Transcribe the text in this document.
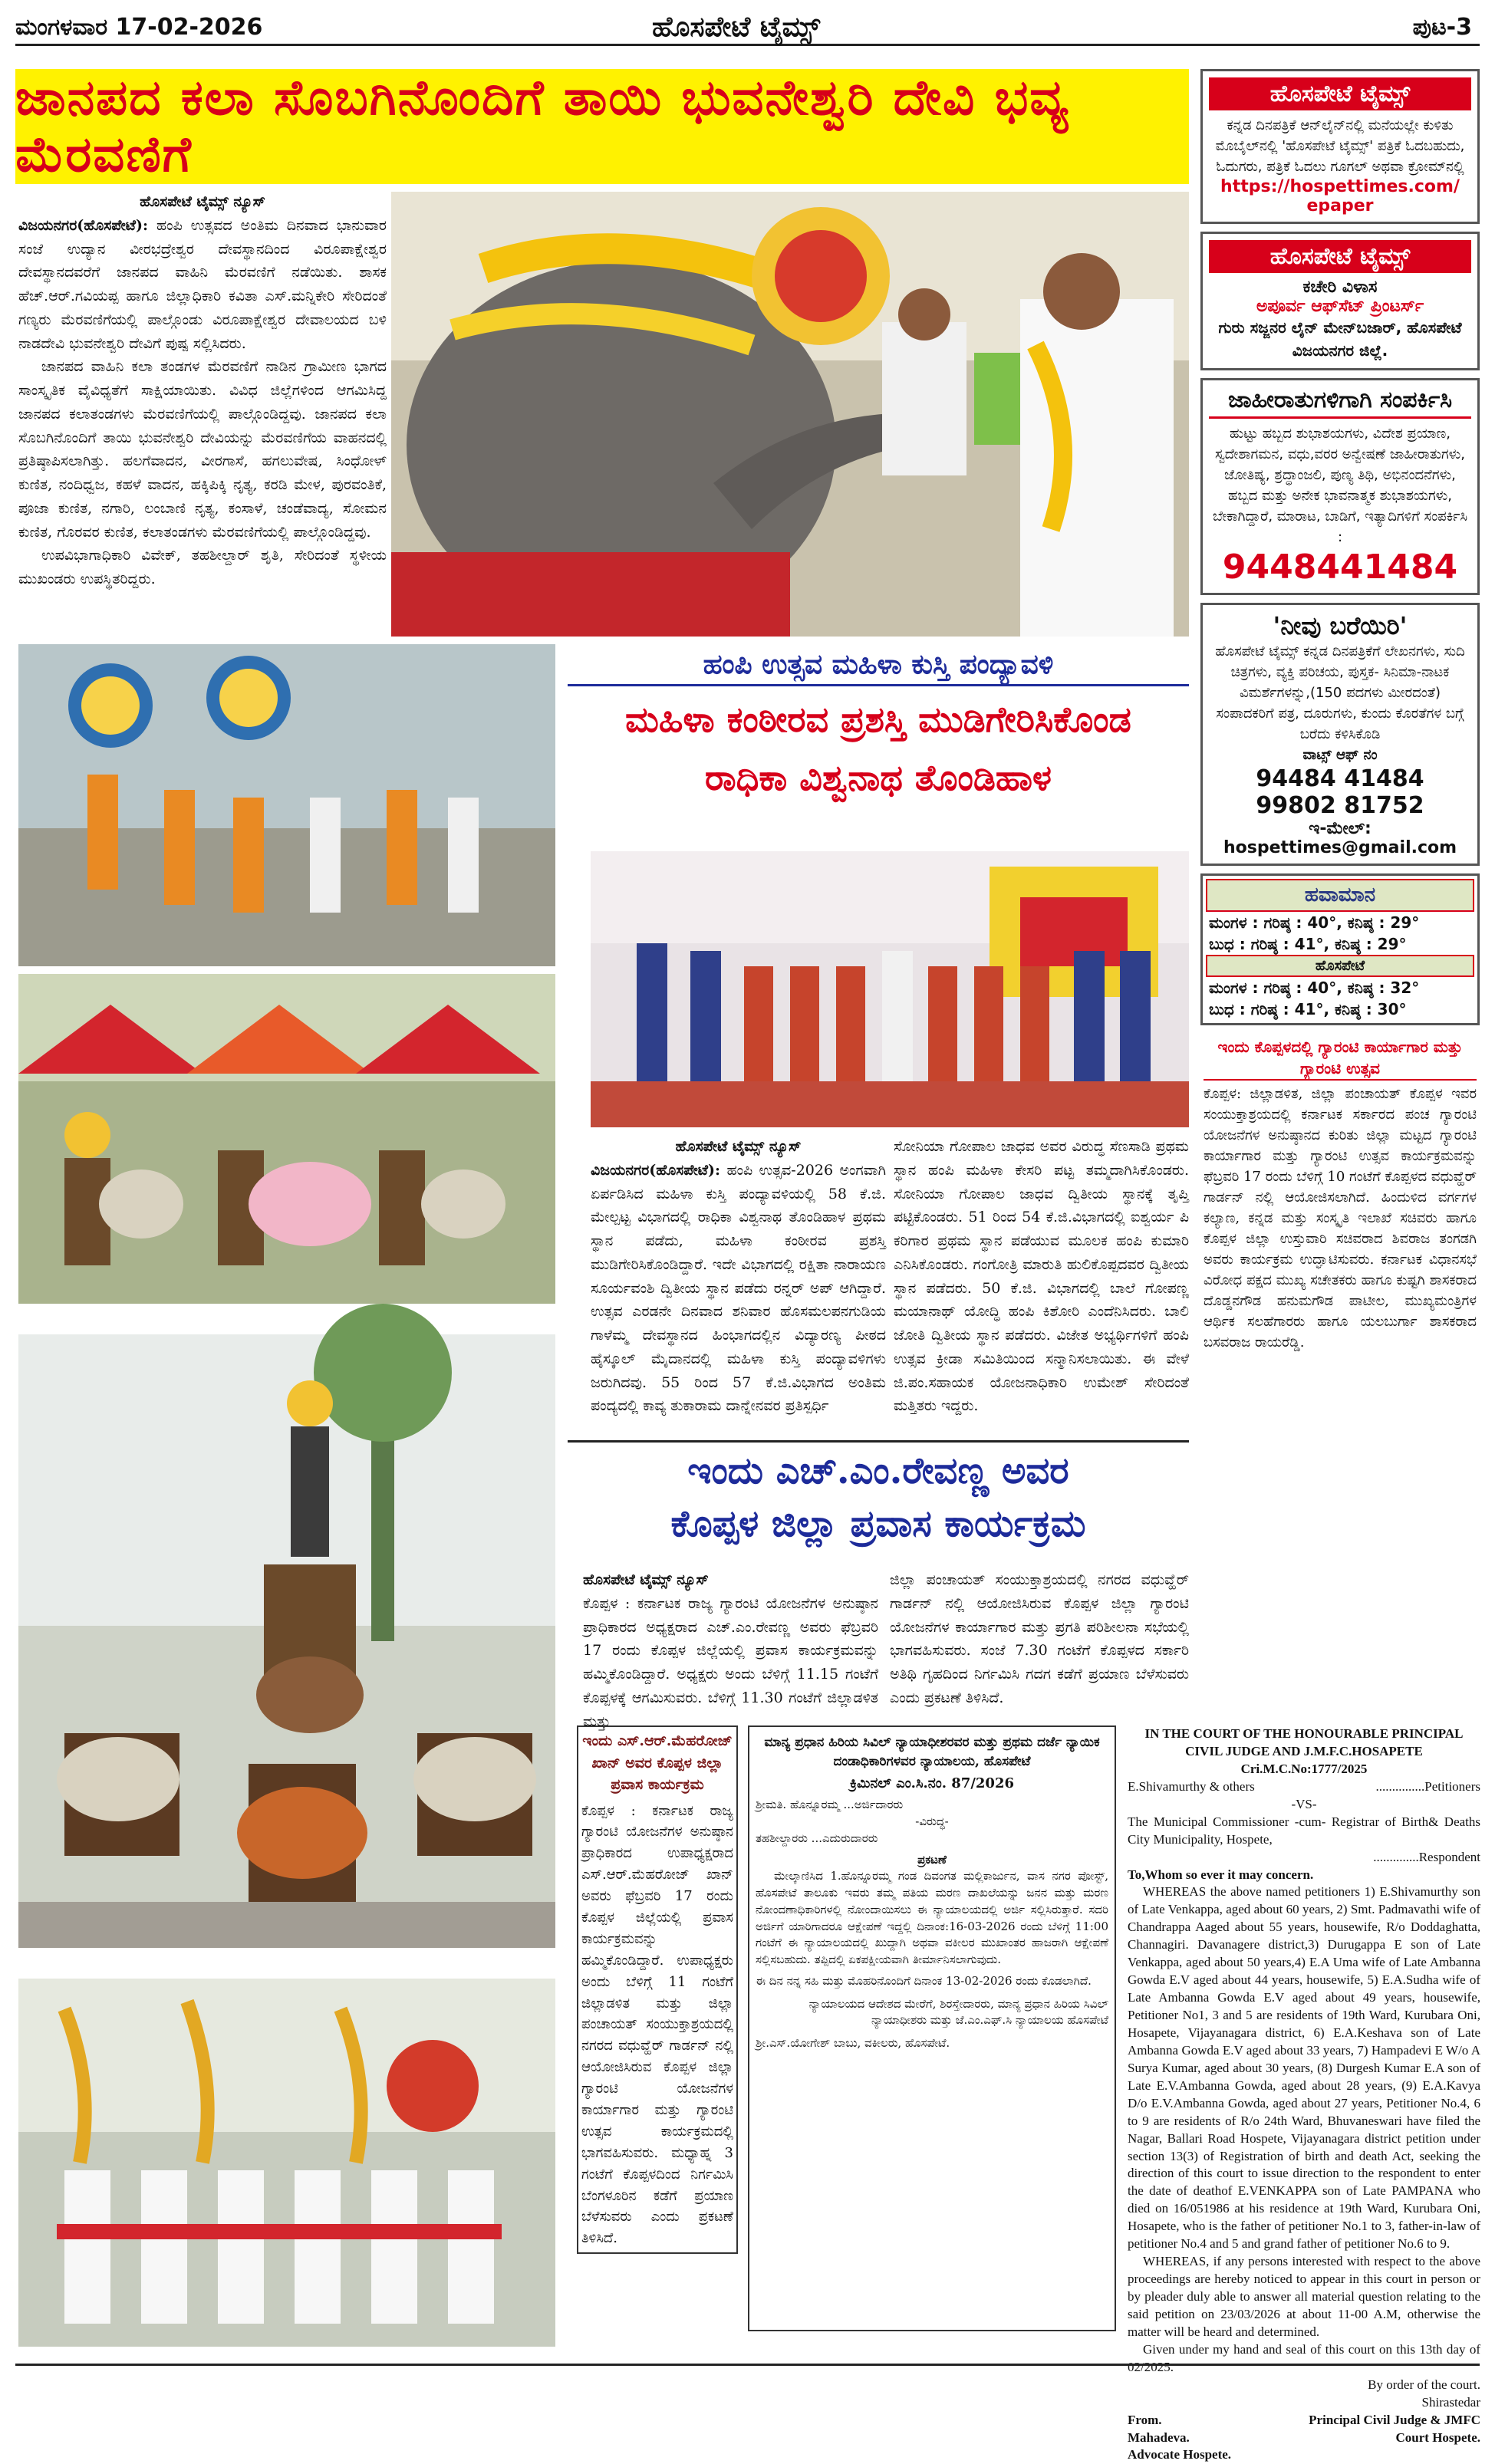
ಮಂಗಳವಾರ 17-02-2026	ಹೊಸಪೇಟೆ ಟೈಮ್ಸ್	ಪುಟ-3
ಜಾನಪದ ಕಲಾ ಸೊಬಗಿನೊಂದಿಗೆ ತಾಯಿ ಭುವನೇಶ್ವರಿ ದೇವಿ ಭವ್ಯ ಮೆರವಣಿಗೆ
ಹೊಸಪೇಟೆ ಟೈಮ್ಸ್ ನ್ಯೂಸ್

ವಿಜಯನಗರ(ಹೊಸಪೇಟೆ): ಹಂಪಿ ಉತ್ಸವದ ಅಂತಿಮ ದಿನವಾದ ಭಾನುವಾರ ಸಂಜೆ ಉದ್ಯಾನ ವೀರಭದ್ರೇಶ್ವರ ದೇವಸ್ಥಾನದಿಂದ ವಿರೂಪಾಕ್ಷೇಶ್ವರ ದೇವಸ್ಥಾನದವರೆಗೆ ಜಾನಪದ ವಾಹಿನಿ ಮೆರವಣಿಗೆ ನಡೆಯಿತು. ಶಾಸಕ ಹೆಚ್.ಆರ್.ಗವಿಯಪ್ಪ ಹಾಗೂ ಜಿಲ್ಲಾಧಿಕಾರಿ ಕವಿತಾ ಎಸ್.ಮನ್ನಿಕೇರಿ ಸೇರಿದಂತೆ ಗಣ್ಯರು ಮೆರವಣಿಗೆಯಲ್ಲಿ ಪಾಲ್ಗೊಂಡು ವಿರೂಪಾಕ್ಷೇಶ್ವರ ದೇವಾಲಯದ ಬಳಿ ನಾಡದೇವಿ ಭುವನೇಶ್ವರಿ ದೇವಿಗೆ ಪುಷ್ಪ ಸಲ್ಲಿಸಿದರು.

ಜಾನಪದ ವಾಹಿನಿ ಕಲಾ ತಂಡಗಳ ಮೆರವಣಿಗೆ ನಾಡಿನ ಗ್ರಾಮೀಣ ಭಾಗದ ಸಾಂಸ್ಕೃತಿಕ ವೈವಿಧ್ಯತೆಗೆ ಸಾಕ್ಷಿಯಾಯಿತು. ವಿವಿಧ ಜಿಲ್ಲೆಗಳಿಂದ ಆಗಮಿಸಿದ್ದ ಜಾನಪದ ಕಲಾತಂಡಗಳು ಮೆರವಣಿಗೆಯಲ್ಲಿ ಪಾಲ್ಗೊಂಡಿದ್ದವು. ಜಾನಪದ ಕಲಾ ಸೊಬಗಿನೊಂದಿಗೆ ತಾಯಿ ಭುವನೇಶ್ವರಿ ದೇವಿಯನ್ನು ಮೆರವಣಿಗೆಯ ವಾಹನದಲ್ಲಿ ಪ್ರತಿಷ್ಠಾಪಿಸಲಾಗಿತ್ತು. ಹಲಗೆವಾದನ, ವೀರಗಾಸೆ, ಹಗಲುವೇಷ, ಸಿಂಧೋಳ್ ಕುಣಿತ, ನಂದಿಧ್ವಜ, ಕಹಳೆ ವಾದನ, ಹಕ್ಕಿಪಿಕ್ಕಿ ನೃತ್ಯ, ಕರಡಿ ಮೇಳ, ಪುರವಂತಿಕೆ, ಪೂಜಾ ಕುಣಿತ, ನಗಾರಿ, ಲಂಬಾಣಿ ನೃತ್ಯ, ಕಂಸಾಳೆ, ಚಂಡೆವಾದ್ಯ, ಸೋಮನ ಕುಣಿತ, ಗೊರವರ ಕುಣಿತ, ಕಲಾತಂಡಗಳು ಮೆರವಣಿಗೆಯಲ್ಲಿ ಪಾಲ್ಗೊಂಡಿದ್ದವು.

ಉಪವಿಭಾಗಾಧಿಕಾರಿ ವಿವೇಕ್, ತಹಶೀಲ್ದಾರ್ ಶೃತಿ, ಸೇರಿದಂತೆ ಸ್ಥಳೀಯ ಮುಖಂಡರು ಉಪಸ್ಥಿತರಿದ್ದರು.

ಹಂಪಿ ಉತ್ಸವ ಮಹಿಳಾ ಕುಸ್ತಿ ಪಂದ್ಯಾವಳಿ
ಮಹಿಳಾ ಕಂಠೀರವ ಪ್ರಶಸ್ತಿ ಮುಡಿಗೇರಿಸಿಕೊಂಡ
ರಾಧಿಕಾ ವಿಶ್ವನಾಥ ತೊಂಡಿಹಾಳ
ಹೊಸಪೇಟೆ ಟೈಮ್ಸ್ ನ್ಯೂಸ್

ವಿಜಯನಗರ(ಹೊಸಪೇಟೆ): ಹಂಪಿ ಉತ್ಸವ-2026 ಅಂಗವಾಗಿ ಏರ್ಪಡಿಸಿದ ಮಹಿಳಾ ಕುಸ್ತಿ ಪಂದ್ಯಾವಳಿಯಲ್ಲಿ 58 ಕೆ.ಜಿ. ಮೇಲ್ಪಟ್ಟ ವಿಭಾಗದಲ್ಲಿ ರಾಧಿಕಾ ವಿಶ್ವನಾಥ ತೊಂಡಿಹಾಳ ಪ್ರಥಮ ಸ್ಥಾನ ಪಡೆದು, ಮಹಿಳಾ ಕಂಠೀರವ ಪ್ರಶಸ್ತಿ ಮುಡಿಗೇರಿಸಿಕೊಂಡಿದ್ದಾರೆ. ಇದೇ ವಿಭಾಗದಲ್ಲಿ ರಕ್ಷಿತಾ ನಾರಾಯಣ ಸೂರ್ಯವಂಶಿ ದ್ವಿತೀಯ ಸ್ಥಾನ ಪಡೆದು ರನ್ನರ್ ಅಪ್ ಆಗಿದ್ದಾರೆ. ಉತ್ಸವ ಎರಡನೇ ದಿನವಾದ ಶನಿವಾರ ಹೊಸಮಲಪನಗುಡಿಯ ಗಾಳೆಮ್ಮ ದೇವಸ್ಥಾನದ ಹಿಂಭಾಗದಲ್ಲಿನ ವಿದ್ಯಾರಣ್ಯ ಪೀಠದ ಹೈಸ್ಕೂಲ್ ಮೈದಾನದಲ್ಲಿ ಮಹಿಳಾ ಕುಸ್ತಿ ಪಂದ್ಯಾವಳಿಗಳು ಜರುಗಿದವು. 55 ರಿಂದ 57 ಕೆ.ಜಿ.ವಿಭಾಗದ ಅಂತಿಮ ಪಂದ್ಯದಲ್ಲಿ ಕಾವ್ಯ ತುಕಾರಾಮ ದಾನ್ನೇನವರ ಪ್ರತಿಸ್ಪರ್ಧಿ

ಸೋನಿಯಾ ಗೋಪಾಲ ಜಾಧವ ಅವರ ವಿರುದ್ಧ ಸೆಣಸಾಡಿ ಪ್ರಥಮ ಸ್ಥಾನ ಹಂಪಿ ಮಹಿಳಾ ಕೇಸರಿ ಪಟ್ಟ ತಮ್ಮದಾಗಿಸಿಕೊಂಡರು. ಸೋನಿಯಾ ಗೋಪಾಲ ಜಾಧವ ದ್ವಿತೀಯ ಸ್ಥಾನಕ್ಕೆ ತೃಪ್ತಿ ಪಟ್ಟಿಕೊಂಡರು. 51 ರಿಂದ 54 ಕೆ.ಜಿ.ವಿಭಾಗದಲ್ಲಿ ಐಶ್ವರ್ಯ ಪಿ ಕರಿಗಾರ ಪ್ರಥಮ ಸ್ಥಾನ ಪಡೆಯುವ ಮೂಲಕ ಹಂಪಿ ಕುಮಾರಿ ಎನಿಸಿಕೊಂಡರು. ಗಂಗೋತ್ರಿ ಮಾರುತಿ ಹುಲಿಕೊಪ್ಪದವರ ದ್ವಿತೀಯ ಸ್ಥಾನ ಪಡೆದರು. 50 ಕೆ.ಜಿ. ವಿಭಾಗದಲ್ಲಿ ಬಾಲೆ ಗೋಪಣ್ಣ ಮಯಾನಾಥ್ ಯೋದ್ಧಿ ಹಂಪಿ ಕಿಶೋರಿ ಎಂದೆನಿಸಿದರು. ಬಾಲಿ ಜೋತಿ ದ್ವಿತೀಯ ಸ್ಥಾನ ಪಡೆದರು. ವಿಜೇತ ಅಭ್ಯರ್ಥಿಗಳಿಗೆ ಹಂಪಿ ಉತ್ಸವ ಕ್ರೀಡಾ ಸಮಿತಿಯಿಂದ ಸನ್ಮಾನಿಸಲಾಯಿತು. ಈ ವೇಳೆ ಜಿ.ಪಂ.ಸಹಾಯಕ ಯೋಜನಾಧಿಕಾರಿ ಉಮೇಶ್ ಸೇರಿದಂತೆ ಮತ್ತಿತರು ಇದ್ದರು.

ಇಂದು ಎಚ್.ಎಂ.ರೇವಣ್ಣ ಅವರ
ಕೊಪ್ಪಳ ಜಿಲ್ಲಾ ಪ್ರವಾಸ ಕಾರ್ಯಕ್ರಮ
ಹೊಸಪೇಟೆ ಟೈಮ್ಸ್ ನ್ಯೂಸ್

ಕೊಪ್ಪಳ : ಕರ್ನಾಟಕ ರಾಜ್ಯ ಗ್ಯಾರಂಟಿ ಯೋಜನೆಗಳ ಅನುಷ್ಠಾನ ಪ್ರಾಧಿಕಾರದ ಅಧ್ಯಕ್ಷರಾದ ಎಚ್.ಎಂ.ರೇವಣ್ಣ ಅವರು ಫೆಬ್ರವರಿ 17 ರಂದು ಕೊಪ್ಪಳ ಜಿಲ್ಲೆಯಲ್ಲಿ ಪ್ರವಾಸ ಕಾರ್ಯಕ್ರಮವನ್ನು ಹಮ್ಮಿಕೊಂಡಿದ್ದಾರೆ. ಅಧ್ಯಕ್ಷರು ಅಂದು ಬೆಳಿಗ್ಗೆ 11.15 ಗಂಟೆಗೆ ಕೊಪ್ಪಳಕ್ಕೆ ಆಗಮಿಸುವರು. ಬೆಳಿಗ್ಗೆ 11.30 ಗಂಟೆಗೆ ಜಿಲ್ಲಾಡಳಿತ ಮತ್ತು

ಜಿಲ್ಲಾ ಪಂಚಾಯತ್ ಸಂಯುಕ್ತಾಶ್ರಯದಲ್ಲಿ ನಗರದ ವಧುವ್ಹೆರ್ ಗಾರ್ಡನ್ ನಲ್ಲಿ ಆಯೋಜಿಸಿರುವ ಕೊಪ್ಪಳ ಜಿಲ್ಲಾ ಗ್ಯಾರಂಟಿ ಯೋಜನೆಗಳ ಕಾರ್ಯಾಗಾರ ಮತ್ತು ಪ್ರಗತಿ ಪರಿಶೀಲನಾ ಸಭೆಯಲ್ಲಿ ಭಾಗವಹಿಸುವರು. ಸಂಜೆ 7.30 ಗಂಟೆಗೆ ಕೊಪ್ಪಳದ ಸರ್ಕಾರಿ ಅತಿಥಿ ಗೃಹದಿಂದ ನಿರ್ಗಮಿಸಿ ಗದಗ ಕಡೆಗೆ ಪ್ರಯಾಣ ಬೆಳೆಸುವರು ಎಂದು ಪ್ರಕಟಣೆ ತಿಳಿಸಿದೆ.

ಇಂದು ಎಸ್.ಆರ್.ಮೆಹರೋಜ್ ಖಾನ್ ಅವರ ಕೊಪ್ಪಳ ಜಿಲ್ಲಾ ಪ್ರವಾಸ ಕಾರ್ಯಕ್ರಮ

ಕೊಪ್ಪಳ : ಕರ್ನಾಟಕ ರಾಜ್ಯ ಗ್ಯಾರಂಟಿ ಯೋಜನೆಗಳ ಅನುಷ್ಠಾನ ಪ್ರಾಧಿಕಾರದ ಉಪಾಧ್ಯಕ್ಷರಾದ ಎಸ್.ಆರ್.ಮೆಹರೋಜ್ ಖಾನ್ ಅವರು ಫೆಬ್ರವರಿ 17 ರಂದು ಕೊಪ್ಪಳ ಜಿಲ್ಲೆಯಲ್ಲಿ ಪ್ರವಾಸ ಕಾರ್ಯಕ್ರಮವನ್ನು ಹಮ್ಮಿಕೊಂಡಿದ್ದಾರೆ. ಉಪಾಧ್ಯಕ್ಷರು ಅಂದು ಬೆಳಿಗ್ಗೆ 11 ಗಂಟೆಗೆ ಜಿಲ್ಲಾಡಳಿತ ಮತ್ತು ಜಿಲ್ಲಾ ಪಂಚಾಯತ್ ಸಂಯುಕ್ತಾಶ್ರಯದಲ್ಲಿ ನಗರದ ವಧುವ್ಹೆರ್ ಗಾರ್ಡನ್ ನಲ್ಲಿ ಆಯೋಜಿಸಿರುವ ಕೊಪ್ಪಳ ಜಿಲ್ಲಾ ಗ್ಯಾರಂಟಿ ಯೋಜನೆಗಳ ಕಾರ್ಯಾಗಾರ ಮತ್ತು ಗ್ಯಾರಂಟಿ ಉತ್ಸವ ಕಾರ್ಯಕ್ರಮದಲ್ಲಿ ಭಾಗವಹಿಸುವರು. ಮಧ್ಯಾಹ್ನ 3 ಗಂಟೆಗೆ ಕೊಪ್ಪಳದಿಂದ ನಿರ್ಗಮಿಸಿ ಬೆಂಗಳೂರಿನ ಕಡೆಗೆ ಪ್ರಯಾಣ ಬೆಳೆಸುವರು ಎಂದು ಪ್ರಕಟಣೆ ತಿಳಿಸಿದೆ.

ಮಾನ್ಯ ಪ್ರಧಾನ ಹಿರಿಯ ಸಿವಿಲ್ ನ್ಯಾಯಾಧೀಶರವರ ಮತ್ತು ಪ್ರಥಮ ದರ್ಜೆ ನ್ಯಾಯಿಕ ದಂಡಾಧಿಕಾರಿಗಳವರ ನ್ಯಾಯಾಲಯ, ಹೊಸಪೇಟೆ
ಕ್ರಿಮಿನಲ್ ಎಂ.ಸಿ.ನಂ. 87/2026
ಶ್ರೀಮತಿ. ಹೊನ್ನೂರಮ್ಮ ...ಅರ್ಜಿದಾರರು
-ವಿರುದ್ಧ-
ತಹಶೀಲ್ದಾರರು ...ಎದುರುದಾರರು
ಪ್ರಕಟಣೆ

ಮೇಲ್ಕಾಣಿಸಿದ 1.ಹೊನ್ನೂರಮ್ಮ ಗಂಡ ದಿವಂಗತ ಮಲ್ಲಿಕಾರ್ಜುನ, ವಾಸ ನಗರ ಪೋಸ್ಟ್, ಹೊಸಪೇಟೆ ತಾಲೂಕು ಇವರು ತಮ್ಮ ಪತಿಯ ಮರಣ ದಾಖಲೆಯನ್ನು ಜನನ ಮತ್ತು ಮರಣ ನೋಂದಣಾಧಿಕಾರಿಗಳಲ್ಲಿ ನೋಂದಾಯಿಸಲು ಈ ನ್ಯಾಯಾಲಯದಲ್ಲಿ ಅರ್ಜಿ ಸಲ್ಲಿಸಿರುತ್ತಾರೆ. ಸದರಿ ಅರ್ಜಿಗೆ ಯಾರಿಗಾದರೂ ಆಕ್ಷೇಪಣೆ ಇದ್ದಲ್ಲಿ ದಿನಾಂಕ:16-03-2026 ರಂದು ಬೆಳಿಗ್ಗೆ 11:00 ಗಂಟೆಗೆ ಈ ನ್ಯಾಯಾಲಯದಲ್ಲಿ ಖುದ್ದಾಗಿ ಅಥವಾ ವಕೀಲರ ಮುಖಾಂತರ ಹಾಜರಾಗಿ ಆಕ್ಷೇಪಣೆ ಸಲ್ಲಿಸಬಹುದು. ತಪ್ಪಿದಲ್ಲಿ ಏಕಪಕ್ಷೀಯವಾಗಿ ತೀರ್ಮಾನಿಸಲಾಗುವುದು.

ಈ ದಿನ ನನ್ನ ಸಹಿ ಮತ್ತು ಮೊಹರಿನೊಂದಿಗೆ ದಿನಾಂಕ 13-02-2026 ರಂದು ಕೊಡಲಾಗಿದೆ.

ನ್ಯಾಯಾಲಯದ ಆದೇಶದ ಮೇರೆಗೆ, ಶಿರಸ್ತೇದಾರರು, ಮಾನ್ಯ ಪ್ರಧಾನ ಹಿರಿಯ ಸಿವಿಲ್ ನ್ಯಾಯಾಧೀಶರು ಮತ್ತು ಜೆ.ಎಂ.ಎಫ್.ಸಿ ನ್ಯಾಯಾಲಯ ಹೊಸಪೇಟೆ

ಶ್ರೀ.ಎಸ್.ಯೋಗೇಶ್ ಬಾಬು, ವಕೀಲರು, ಹೊಸಪೇಟೆ.

IN THE COURT OF THE HONOURABLE PRINCIPAL CIVIL JUDGE AND J.M.F.C.HOSAPETE
Cri.M.C.No:1777/2025
E.Shivamurthy & others	...............Petitioners
-VS-
The Municipal Commissioner -cum- Registrar of Birth& Deaths City Municipality, Hospete,
..............Respondent
To,Whom so ever it may concern.

WHEREAS the above named petitioners 1) E.Shivamurthy son of Late Venkappa, aged about 60 years, 2) Smt. Padmavathi wife of Chandrappa Aaged about 55 years, housewife, R/o Doddaghatta, Channagiri. Davanagere district,3) Durugappa E son of Late Venkappa, aged about 50 years,4) E.A Uma wife of Late Ambanna Gowda E.V aged about 44 years, housewife, 5) E.A.Sudha wife of Late Ambanna Gowda E.V aged about 49 years, housewife, Petitioner No1, 3 and 5 are residents of 19th Ward, Kurubara Oni, Hosapete, Vijayanagara district, 6) E.A.Keshava son of Late Ambanna Gowda E.V aged about 33 years, 7) Hampadevi E W/o A Surya Kumar, aged about 30 years, (8) Durgesh Kumar E.A son of Late E.V.Ambanna Gowda, aged about 28 years, (9) E.A.Kavya D/o E.V.Ambanna Gowda, aged about 27 years, Petitioner No.4, 6 to 9 are residents of R/o 24th Ward, Bhuvaneswari have filed the Nagar, Ballari Road Hospete, Vijayanagara district petition under section 13(3) of Registration of birth and death Act, seeking the direction of this court to issue direction to the respondent to enter the date of deathof E.VENKAPPA son of Late PAMPANA who died on 16/051986 at his residence at 19th Ward, Kurubara Oni, Hosapete, who is the father of petitioner No.1 to 3, father-in-law of petitioner No.4 and 5 and grand father of petitioner No.6 to 9.

WHEREAS, if any persons interested with respect to the above proceedings are hereby noticed to appear in this court in person or by pleader duly able to answer all material question relating to the said petition on 23/03/2026 at about 11-00 A.M, otherwise the matter will be heard and determined.

Given under my hand and seal of this court on this 13th day of 02/2025.

By order of the court.
Shirastedar
From.
Mahadeva.
Advocate Hospete.
Principal Civil Judge & JMFC
Court Hospete.
ಹೊಸಪೇಟೆ ಟೈಮ್ಸ್

ಕನ್ನಡ ದಿನಪತ್ರಿಕೆ ಆನ್‌ಲೈನ್‌ನಲ್ಲಿ ಮನೆಯಲ್ಲೇ ಕುಳಿತು ಮೊಬೈಲ್‌ನಲ್ಲಿ 'ಹೊಸಪೇಟೆ ಟೈಮ್ಸ್' ಪತ್ರಿಕೆ ಓದಬಹುದು, ಓದುಗರು, ಪತ್ರಿಕೆ ಓದಲು ಗೂಗಲ್ ಅಥವಾ ಕ್ರೋಮ್‌ನಲ್ಲಿ

https://hospettimes.com/
epaper
ಹೊಸಪೇಟೆ ಟೈಮ್ಸ್
ಕಚೇರಿ ವಿಳಾಸ
ಅಪೂರ್ವ ಆಫ್‌ಸೆಟ್ ಪ್ರಿಂಟರ್ಸ್
ಗುರು ಸಜ್ಜನರ ಲೈನ್ ಮೇನ್‌ಬಜಾರ್, ಹೊಸಪೇಟೆ ವಿಜಯನಗರ ಜಿಲ್ಲೆ.
ಜಾಹೀರಾತುಗಳಿಗಾಗಿ ಸಂಪರ್ಕಿಸಿ

ಹುಟ್ಟು ಹಬ್ಬದ ಶುಭಾಶಯಗಳು, ವಿದೇಶ ಪ್ರಯಾಣ, ಸ್ವದೇಶಾಗಮನ, ವಧು,ವರರ ಅನ್ವೇಷಣೆ ಜಾಹೀರಾತುಗಳು, ಜೋತಿಷ್ಯ, ಶ್ರದ್ಧಾಂಜಲಿ, ಪುಣ್ಯ ತಿಥಿ, ಅಭಿನಂದನೆಗಳು, ಹಬ್ಬದ ಮತ್ತು ಅನೇಕ ಭಾವನಾತ್ಮಕ ಶುಭಾಶಯಗಳು, ಬೇಕಾಗಿದ್ದಾರೆ, ಮಾರಾಟ, ಬಾಡಿಗೆ, ಇತ್ಯಾದಿಗಳಿಗೆ ಸಂಪರ್ಕಿಸಿ :

9448441484
'ನೀವು ಬರೆಯಿರಿ'

ಹೊಸಪೇಟೆ ಟೈಮ್ಸ್ ಕನ್ನಡ ದಿನಪತ್ರಿಕೆಗೆ ಲೇಖನಗಳು, ಸುದಿ ಚಿತ್ರಗಳು, ವ್ಯಕ್ತಿ ಪರಿಚಯ, ಪುಸ್ತಕ- ಸಿನಿಮಾ-ನಾಟಕ ವಿಮರ್ಶೆಗಳನ್ನು,(150 ಪದಗಳು ಮೀರದಂತೆ) ಸಂಪಾದಕರಿಗೆ ಪತ್ರ, ದೂರುಗಳು, ಕುಂದು ಕೊರತೆಗಳ ಬಗ್ಗೆ ಬರೆದು ಕಳಿಸಿಕೊಡಿ

ವಾಟ್ಸ್ ಆಫ್ ನಂ
94484 41484
99802 81752
ಇ-ಮೇಲ್: hospettimes@gmail.com
ಹವಾಮಾನ
ಮಂಗಳ : ಗರಿಷ್ಠ : 40°, ಕನಿಷ್ಠ : 29°
ಬುಧ : ಗರಿಷ್ಠ : 41°, ಕನಿಷ್ಠ : 29°
ಹೊಸಪೇಟೆ
ಮಂಗಳ : ಗರಿಷ್ಠ : 40°, ಕನಿಷ್ಠ : 32°
ಬುಧ : ಗರಿಷ್ಠ : 41°, ಕನಿಷ್ಠ : 30°
ಇಂದು ಕೊಪ್ಪಳದಲ್ಲಿ ಗ್ಯಾರಂಟಿ ಕಾರ್ಯಾಗಾರ ಮತ್ತು ಗ್ಯಾರಂಟಿ ಉತ್ಸವ

ಕೊಪ್ಪಳ: ಜಿಲ್ಲಾಡಳಿತ, ಜಿಲ್ಲಾ ಪಂಚಾಯತ್ ಕೊಪ್ಪಳ ಇವರ ಸಂಯುಕ್ತಾಶ್ರಯದಲ್ಲಿ ಕರ್ನಾಟಕ ಸರ್ಕಾರದ ಪಂಚ ಗ್ಯಾರಂಟಿ ಯೋಜನೆಗಳ ಅನುಷ್ಠಾನದ ಕುರಿತು ಜಿಲ್ಲಾ ಮಟ್ಟದ ಗ್ಯಾರಂಟಿ ಕಾರ್ಯಾಗಾರ ಮತ್ತು ಗ್ಯಾರಂಟಿ ಉತ್ಸವ ಕಾರ್ಯಕ್ರಮವನ್ನು ಫೆಬ್ರವರಿ 17 ರಂದು ಬೆಳಿಗ್ಗೆ 10 ಗಂಟೆಗೆ ಕೊಪ್ಪಳದ ವಧುವ್ಹೆರ್ ಗಾರ್ಡನ್ ನಲ್ಲಿ ಆಯೋಜಿಸಲಾಗಿದೆ. ಹಿಂದುಳಿದ ವರ್ಗಗಳ ಕಲ್ಯಾಣ, ಕನ್ನಡ ಮತ್ತು ಸಂಸ್ಕೃತಿ ಇಲಾಖೆ ಸಚಿವರು ಹಾಗೂ ಕೊಪ್ಪಳ ಜಿಲ್ಲಾ ಉಸ್ತುವಾರಿ ಸಚಿವರಾದ ಶಿವರಾಜ ತಂಗಡಗಿ ಅವರು ಕಾರ್ಯಕ್ರಮ ಉದ್ಘಾಟಿಸುವರು. ಕರ್ನಾಟಕ ವಿಧಾನಸಭೆ ವಿರೋಧ ಪಕ್ಷದ ಮುಖ್ಯ ಸಚೇತಕರು ಹಾಗೂ ಕುಷ್ಟಗಿ ಶಾಸಕರಾದ ದೊಡ್ಡನಗೌಡ ಹನುಮಗೌಡ ಪಾಟೀಲ, ಮುಖ್ಯಮಂತ್ರಿಗಳ ಆರ್ಥಿಕ ಸಲಹೆಗಾರರು ಹಾಗೂ ಯಲಬುರ್ಗಾ ಶಾಸಕರಾದ ಬಸವರಾಜ ರಾಯರೆಡ್ಡಿ.
